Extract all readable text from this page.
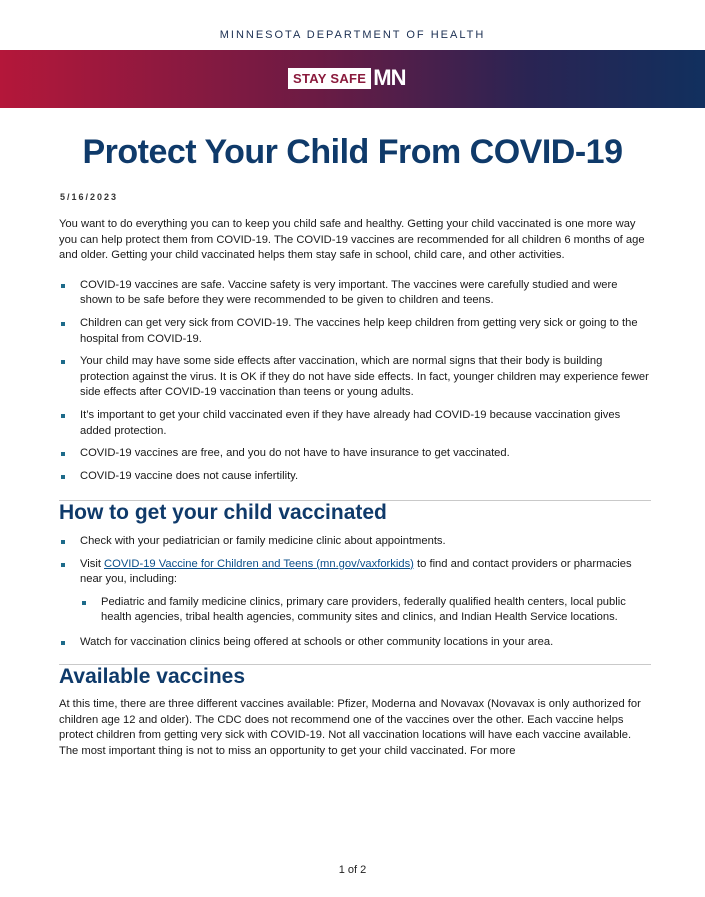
MINNESOTA DEPARTMENT OF HEALTH
STAY SAFE MN
Protect Your Child From COVID-19
5/16/2023

You want to do everything you can to keep you child safe and healthy. Getting your child vaccinated is one more way you can help protect them from COVID-19. The COVID-19 vaccines are recommended for all children 6 months of age and older. Getting your child vaccinated helps them stay safe in school, child care, and other activities.

COVID-19 vaccines are safe. Vaccine safety is very important. The vaccines were carefully studied and were shown to be safe before they were recommended to be given to children and teens.
Children can get very sick from COVID-19. The vaccines help keep children from getting very sick or going to the hospital from COVID-19.
Your child may have some side effects after vaccination, which are normal signs that their body is building protection against the virus. It is OK if they do not have side effects. In fact, younger children may experience fewer side effects after COVID-19 vaccination than teens or young adults.
It’s important to get your child vaccinated even if they have already had COVID-19 because vaccination gives added protection.
COVID-19 vaccines are free, and you do not have to have insurance to get vaccinated.
COVID-19 vaccine does not cause infertility.
How to get your child vaccinated
Check with your pediatrician or family medicine clinic about appointments.
Visit COVID-19 Vaccine for Children and Teens (mn.gov/vaxforkids) to find and contact providers or pharmacies near you, including:
Pediatric and family medicine clinics, primary care providers, federally qualified health centers, local public health agencies, tribal health agencies, community sites and clinics, and Indian Health Service locations.
Watch for vaccination clinics being offered at schools or other community locations in your area.
Available vaccines

At this time, there are three different vaccines available: Pfizer, Moderna and Novavax (Novavax is only authorized for children age 12 and older). The CDC does not recommend one of the vaccines over the other. Each vaccine helps protect children from getting very sick with COVID-19. Not all vaccination locations will have each vaccine available. The most important thing is not to miss an opportunity to get your child vaccinated. For more

1 of 2
